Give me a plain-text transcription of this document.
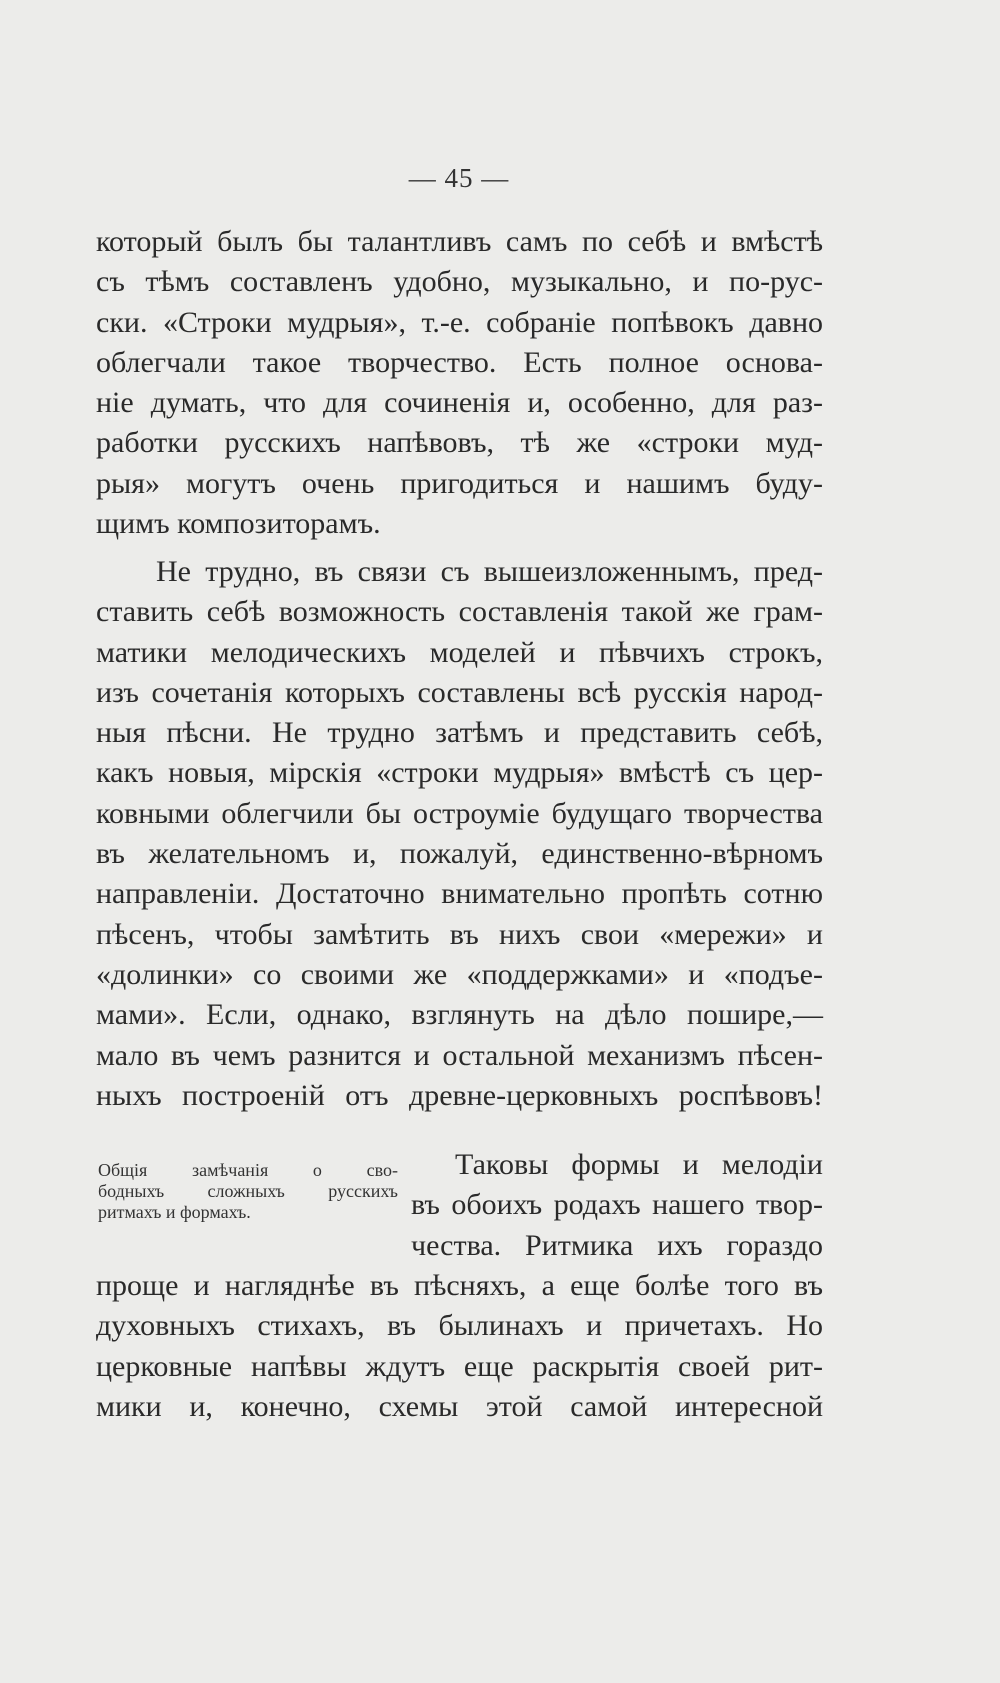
— 45 —
который былъ бы талантливъ самъ по себѣ и вмѣстѣ
съ тѣмъ составленъ удобно, музыкально, и по-рус-
ски. «Строки мудрыя», т.-е. собраніе попѣвокъ давно
облегчали такое творчество. Есть полное основа-
ніе думать, что для сочиненія и, особенно, для раз-
работки русскихъ напѣвовъ, тѣ же «строки муд-
рыя» могутъ очень пригодиться и нашимъ буду-
щимъ композиторамъ.
Не трудно, въ связи съ вышеизложеннымъ, пред-
ставить себѣ возможность составленія такой же грам-
матики мелодическихъ моделей и пѣвчихъ строкъ,
изъ сочетанія которыхъ составлены всѣ русскія народ-
ныя пѣсни. Не трудно затѣмъ и представить себѣ,
какъ новыя, мірскія «строки мудрыя» вмѣстѣ съ цер-
ковными облегчили бы остроуміе будущаго творчества
въ желательномъ и, пожалуй, единственно-вѣрномъ
направленіи. Достаточно внимательно пропѣть сотню
пѣсенъ, чтобы замѣтить въ нихъ свои «мережи» и
«долинки» со своими же «поддержками» и «подъе-
мами». Если, однако, взглянуть на дѣло пошире,—
мало въ чемъ разнится и остальной механизмъ пѣсен-
ныхъ построеній отъ древне-церковныхъ роспѣвовъ!
Общія замѣчанія о сво-
бодныхъ сложныхъ русскихъ
ритмахъ и формахъ.
Таковы формы и мелодіи
въ обоихъ родахъ нашего твор-
чества. Ритмика ихъ гораздо
проще и нагляднѣе въ пѣсняхъ, а еще болѣе того въ
духовныхъ стихахъ, въ былинахъ и причетахъ. Но
церковные напѣвы ждутъ еще раскрытія своей рит-
мики и, конечно, схемы этой самой интересной
